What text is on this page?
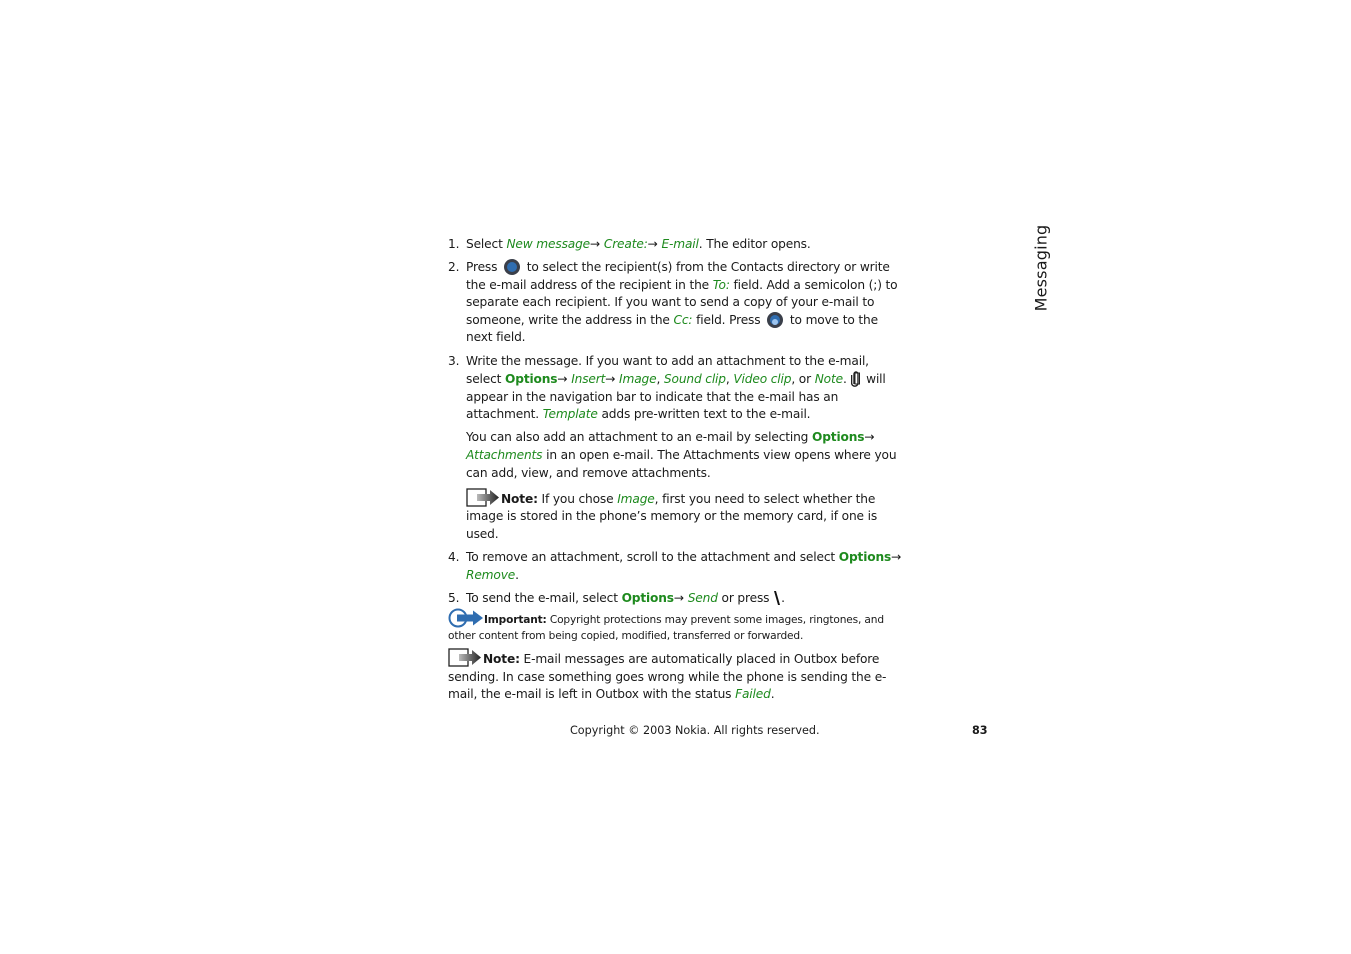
Messaging
1. Select New message→ Create:→ E-mail. The editor opens.
2. Press to select the recipient(s) from the Contacts directory or write the e-mail address of the recipient in the To: field. Add a semicolon (;) to separate each recipient. If you want to send a copy of your e-mail to someone, write the address in the Cc: field. Press to move to the next field.
3. Write the message. If you want to add an attachment to the e-mail, select Options→ Insert→ Image, Sound clip, Video clip, or Note.  will appear in the navigation bar to indicate that the e-mail has an attachment. Template adds pre-written text to the e-mail.
You can also add an attachment to an e-mail by selecting Options→
Attachments in an open e-mail. The Attachments view opens where you can add, view, and remove attachments.
Note: If you chose Image, first you need to select whether the image is stored in the phone’s memory or the memory card, if one is used.
4. To remove an attachment, scroll to the attachment and select Options→
Remove.
5. To send the e-mail, select Options→ Send or press .
Important: Copyright protections may prevent some images, ringtones, and other content from being copied, modified, transferred or forwarded.
Note: E-mail messages are automatically placed in Outbox before sending. In case something goes wrong while the phone is sending the e-mail, the e-mail is left in Outbox with the status Failed.
Copyright © 2003 Nokia. All rights reserved.	83
